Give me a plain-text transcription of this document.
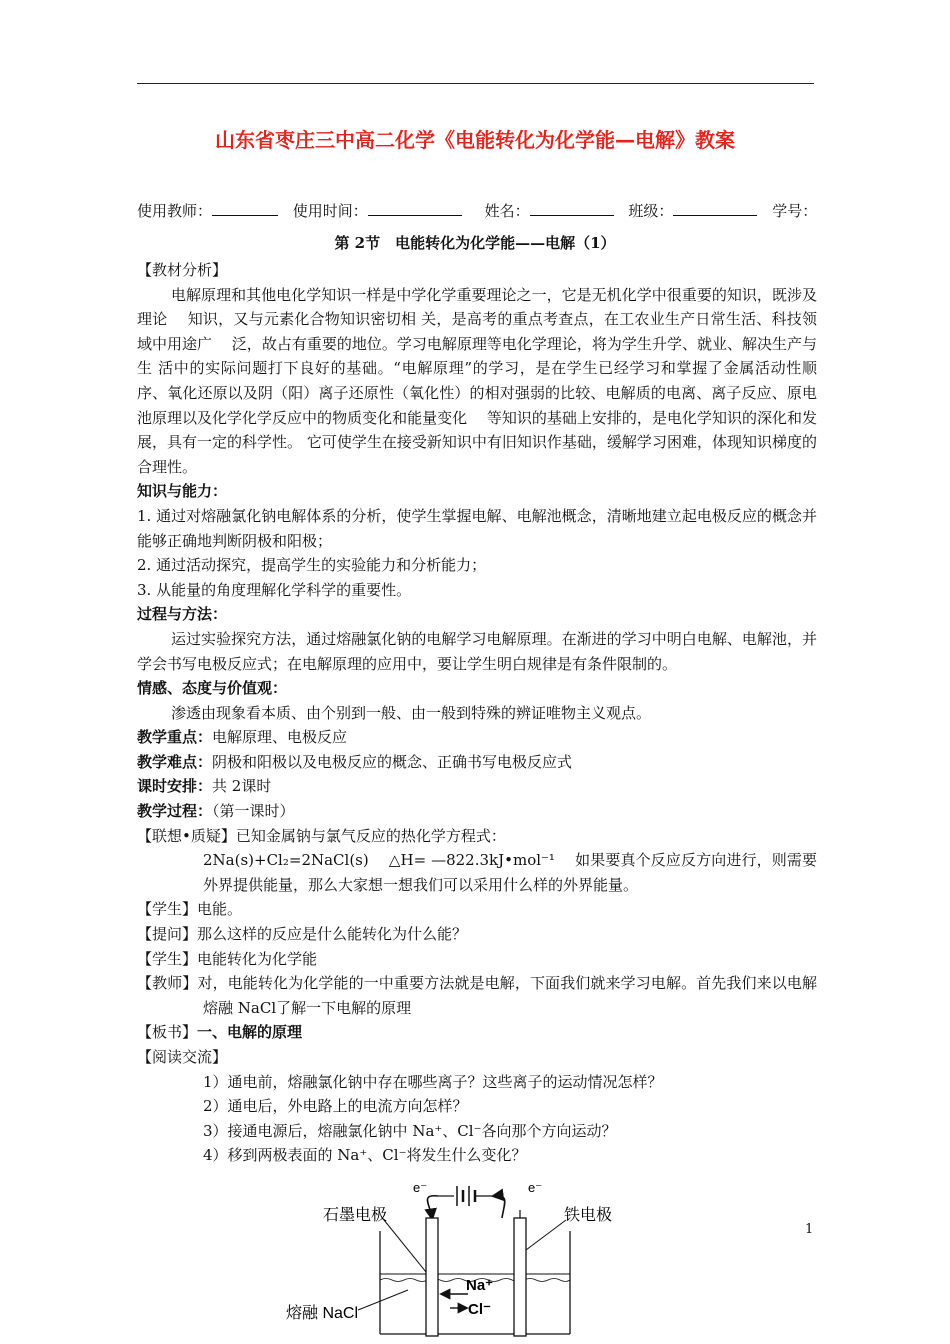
山东省枣庄三中高二化学《电能转化为化学能—电解》教案
使用教师：	使用时间：	姓名：	班级：	学号：
第 2节　电能转化为化学能——电解（1）

【教材分析】

电解原理和其他电化学知识一样是中学化学重要理论之一，它是无机化学中很重要的知识，既涉及理论　 知识，又与元素化合物知识密切相 关，是高考的重点考查点，在工农业生产日常生活、科技领域中用途广　 泛，故占有重要的地位。学习电解原理等电化学理论，将为学生升学、就业、解决生产与生 活中的实际问题打下良好的基础。“电解原理”的学习，是在学生已经学习和掌握了金属活动性顺序、氧化还原以及阴（阳）离子还原性（氧化性）的相对强弱的比较、电解质的电离、离子反应、原电池原理以及化学化学反应中的物质变化和能量变化　 等知识的基础上安排的，是电化学知识的深化和发展，具有一定的科学性。 它可使学生在接受新知识中有旧知识作基础，缓解学习困难，体现知识梯度的合理性。

知识与能力：

1. 通过对熔融氯化钠电解体系的分析，使学生掌握电解、电解池概念，清晰地建立起电极反应的概念并能够正确地判断阴极和阳极；

2. 通过活动探究，提高学生的实验能力和分析能力；

3. 从能量的角度理解化学科学的重要性。

过程与方法：

运过实验探究方法，通过熔融氯化钠的电解学习电解原理。在渐进的学习中明白电解、电解池，并学会书写电极反应式；在电解原理的应用中，要让学生明白规律是有条件限制的。

情感、态度与价值观：

渗透由现象看本质、由个别到一般、由一般到特殊的辨证唯物主义观点。

教学重点：电解原理、电极反应

教学难点：阴极和阳极以及电极反应的概念、正确书写电极反应式

课时安排：共 2课时

教学过程：（第一课时）

【联想•质疑】已知金属钠与氯气反应的热化学方程式：

2Na(s)+Cl₂=2NaCl(s)　 △H= —822.3kJ•mol⁻¹　 如果要真个反应反方向进行，则需要外界提供能量，那么大家想一想我们可以采用什么样的外界能量。

【学生】电能。

【提问】那么这样的反应是什么能转化为什么能？

【学生】电能转化为化学能

【教师】对，电能转化为化学能的一中重要方法就是电解，下面我们就来学习电解。首先我们来以电解熔融 NaCl了解一下电解的原理

【板书】一、电解的原理

【阅读交流】

1）通电前，熔融氯化钠中存在哪些离子？这些离子的运动情况怎样？

2）通电后，外电路上的电流方向怎样？

3）接通电源后，熔融氯化钠中 Na⁺、Cl⁻各向那个方向运动？

4）移到两极表面的 Na⁺、Cl⁻将发生什么变化？

e⁻	e⁻
石墨电极	铁电极
Na⁺
Cl⁻
熔融 NaCl
1
